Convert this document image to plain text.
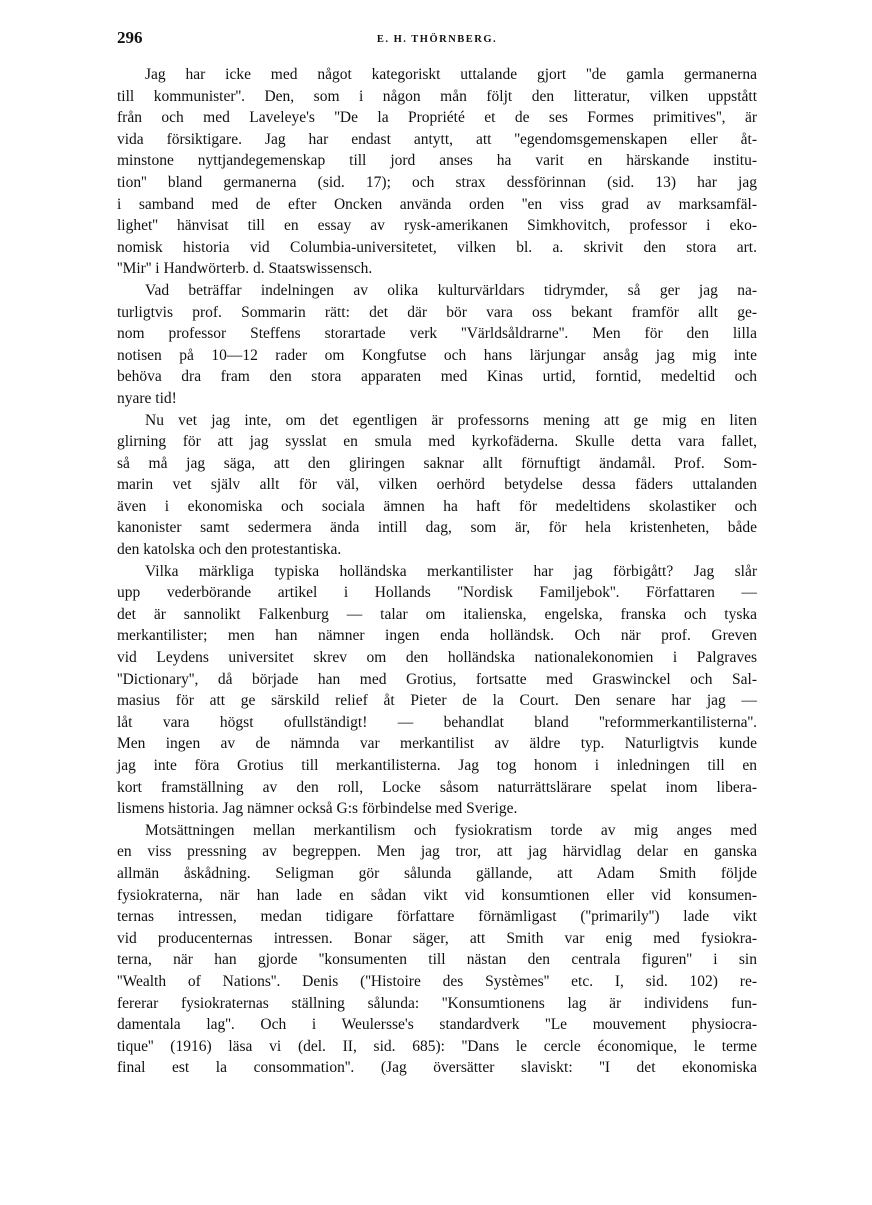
296	E. H. THÖRNBERG.

Jag har icke med något kategoriskt uttalande gjort ''de gamla germanerna
till kommunister''. Den, som i någon mån följt den litteratur, vilken uppstått
från och med Laveleye's ''De la Propriété et de ses Formes primitives'', är
vida försiktigare. Jag har endast antytt, att ''egendomsgemenskapen eller åt-
minstone nyttjandegemenskap till jord anses ha varit en härskande institu-
tion'' bland germanerna (sid. 17); och strax dessförinnan (sid. 13) har jag
i samband med de efter Oncken använda orden ''en viss grad av marksamfäl-
lighet'' hänvisat till en essay av rysk-amerikanen Simkhovitch, professor i eko-
nomisk historia vid Columbia-universitetet, vilken bl. a. skrivit den stora art.
''Mir'' i Handwörterb. d. Staatswissensch.

Vad beträffar indelningen av olika kulturvärldars tidrymder, så ger jag na-
turligtvis prof. Sommarin rätt: det där bör vara oss bekant framför allt ge-
nom professor Steffens storartade verk ''Världsåldrarne''. Men för den lilla
notisen på 10—12 rader om Kongfutse och hans lärjungar ansåg jag mig inte
behöva dra fram den stora apparaten med Kinas urtid, forntid, medeltid och
nyare tid!

Nu vet jag inte, om det egentligen är professorns mening att ge mig en liten
glirning för att jag sysslat en smula med kyrkofäderna. Skulle detta vara fallet,
så må jag säga, att den gliringen saknar allt förnuftigt ändamål. Prof. Som-
marin vet själv allt för väl, vilken oerhörd betydelse dessa fäders uttalanden
även i ekonomiska och sociala ämnen ha haft för medeltidens skolastiker och
kanonister samt sedermera ända intill dag, som är, för hela kristenheten, både
den katolska och den protestantiska.

Vilka märkliga typiska holländska merkantilister har jag förbigått? Jag slår
upp vederbörande artikel i Hollands ''Nordisk Familjebok''. Författaren —
det är sannolikt Falkenburg — talar om italienska, engelska, franska och tyska
merkantilister; men han nämner ingen enda holländsk. Och när prof. Greven
vid Leydens universitet skrev om den holländska nationalekonomien i Palgraves
''Dictionary'', då började han med Grotius, fortsatte med Graswinckel och Sal-
masius för att ge särskild relief åt Pieter de la Court. Den senare har jag —
låt vara högst ofullständigt! — behandlat bland ''reformmerkantilisterna''.
Men ingen av de nämnda var merkantilist av äldre typ. Naturligtvis kunde
jag inte föra Grotius till merkantilisterna. Jag tog honom i inledningen till en
kort framställning av den roll, Locke såsom naturrättslärare spelat inom libera-
lismens historia. Jag nämner också G:s förbindelse med Sverige.

Motsättningen mellan merkantilism och fysiokratism torde av mig anges med
en viss pressning av begreppen. Men jag tror, att jag härvidlag delar en ganska
allmän åskådning. Seligman gör sålunda gällande, att Adam Smith följde
fysiokraterna, när han lade en sådan vikt vid konsumtionen eller vid konsumen-
ternas intressen, medan tidigare författare förnämligast (''primarily'') lade vikt
vid producenternas intressen. Bonar säger, att Smith var enig med fysiokra-
terna, när han gjorde ''konsumenten till nästan den centrala figuren'' i sin
''Wealth of Nations''. Denis (''Histoire des Systèmes'' etc. I, sid. 102) re-
fererar fysiokraternas ställning sålunda: ''Konsumtionens lag är individens fun-
damentala lag''. Och i Weulersse's standardverk ''Le mouvement physiocra-
tique'' (1916) läsa vi (del. II, sid. 685): ''Dans le cercle économique, le terme
final est la consommation''. (Jag översätter slaviskt: ''I det ekonomiska
